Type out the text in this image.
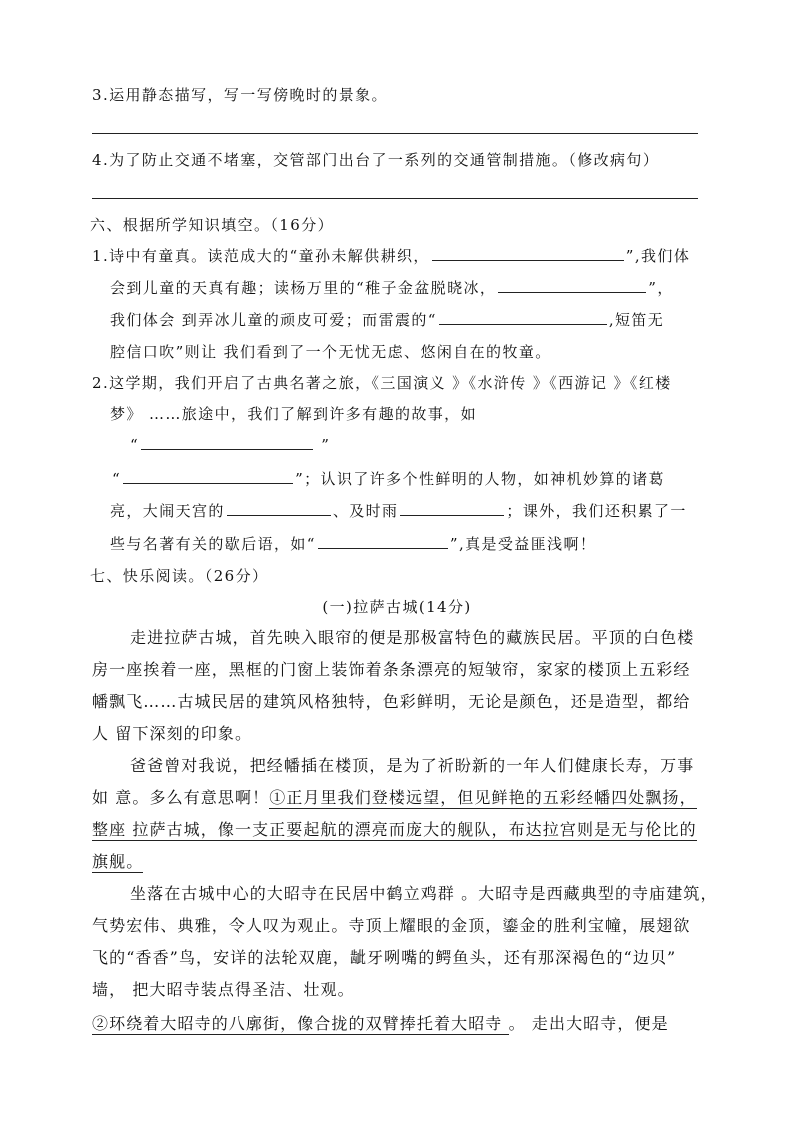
3.运用静态描写，写一写傍晚时的景象。
4.为了防止交通不堵塞，交管部门出台了一系列的交通管制措施。（修改病句）
六、根据所学知识填空。（16分）
1.诗中有童真。读范成大的“童孙未解供耕织，	”,我们体
会到儿童的天真有趣；读杨万里的“稚子金盆脱晓冰，	”，
我们体会 到弄冰儿童的顽皮可爱；而雷震的“	,短笛无
腔信口吹”则让 我们看到了一个无忧无虑、悠闲自在的牧童。
2.这学期，我们开启了古典名著之旅，《三国演义 》《水浒传 》《西游记 》《红楼
梦》 ……旅途中，我们了解到许多有趣的故事，如
“	”
“	”；认识了许多个性鲜明的人物，如神机妙算的诸葛
亮，大闹天宫的	、及时雨	；课外，我们还积累了一
些与名著有关的歇后语，如“	”,真是受益匪浅啊！
七、快乐阅读。（26分）
(一)拉萨古城(14分)
走进拉萨古城，首先映入眼帘的便是那极富特色的藏族民居。平顶的白色楼
房一座挨着一座，黑框的门窗上装饰着条条漂亮的短皱帘，家家的楼顶上五彩经
幡飘飞……古城民居的建筑风格独特，色彩鲜明，无论是颜色，还是造型，都给
人 留下深刻的印象。
爸爸曾对我说，把经幡插在楼顶，是为了祈盼新的一年人们健康长寿，万事
如 意。多么有意思啊！①正月里我们登楼远望，但见鲜艳的五彩经幡四处飘扬，
整座 拉萨古城，像一支正要起航的漂亮而庞大的舰队，布达拉宫则是无与伦比的
旗舰。
坐落在古城中心的大昭寺在民居中鹤立鸡群 。大昭寺是西藏典型的寺庙建筑，
气势宏伟、典雅，令人叹为观止。寺顶上耀眼的金顶，鎏金的胜利宝幢，展翅欲
飞的“香香”鸟，安详的法轮双鹿，龇牙咧嘴的鳄鱼头，还有那深褐色的“边贝”
墙， 把大昭寺装点得圣洁、壮观。
②环绕着大昭寺的八廓街，像合拢的双臂捧托着大昭寺 。 走出大昭寺，便是
